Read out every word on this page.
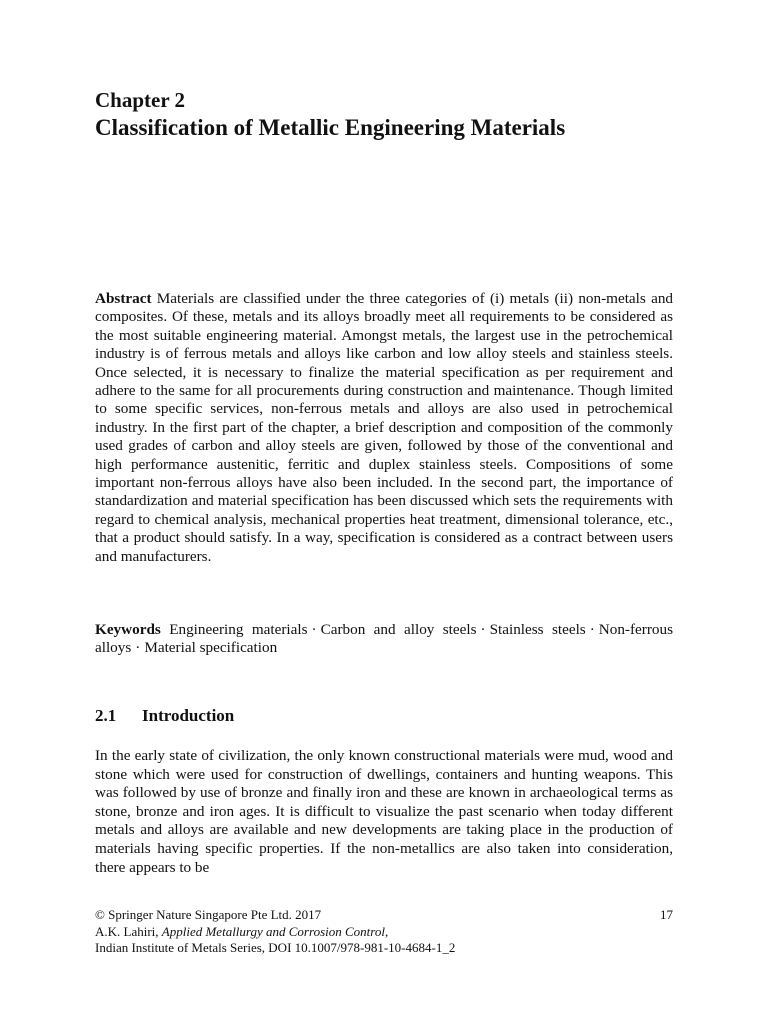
Chapter 2
Classification of Metallic Engineering Materials

Abstract Materials are classified under the three categories of (i) metals (ii) non-metals and composites. Of these, metals and its alloys broadly meet all requirements to be considered as the most suitable engineering material. Amongst metals, the largest use in the petrochemical industry is of ferrous metals and alloys like carbon and low alloy steels and stainless steels. Once selected, it is necessary to finalize the material specification as per requirement and adhere to the same for all procurements during construction and maintenance. Though limited to some specific services, non-ferrous metals and alloys are also used in petrochemical industry. In the first part of the chapter, a brief description and composition of the commonly used grades of carbon and alloy steels are given, followed by those of the conventional and high performance austenitic, ferritic and duplex stainless steels. Compositions of some important non-ferrous alloys have also been included. In the second part, the importance of standardization and material specification has been discussed which sets the requirements with regard to chemical analysis, mechanical properties heat treatment, dimensional tolerance, etc., that a product should satisfy. In a way, specification is considered as a contract between users and manufacturers.

Keywords Engineering materials · Carbon and alloy steels · Stainless steels · Non-ferrous alloys · Material specification

2.1 Introduction

In the early state of civilization, the only known constructional materials were mud, wood and stone which were used for construction of dwellings, containers and hunting weapons. This was followed by use of bronze and finally iron and these are known in archaeological terms as stone, bronze and iron ages. It is difficult to visualize the past scenario when today different metals and alloys are available and new developments are taking place in the production of materials having specific properties. If the non-metallics are also taken into consideration, there appears to be

© Springer Nature Singapore Pte Ltd. 2017
A.K. Lahiri, Applied Metallurgy and Corrosion Control,
Indian Institute of Metals Series, DOI 10.1007/978-981-10-4684-1_2
17
